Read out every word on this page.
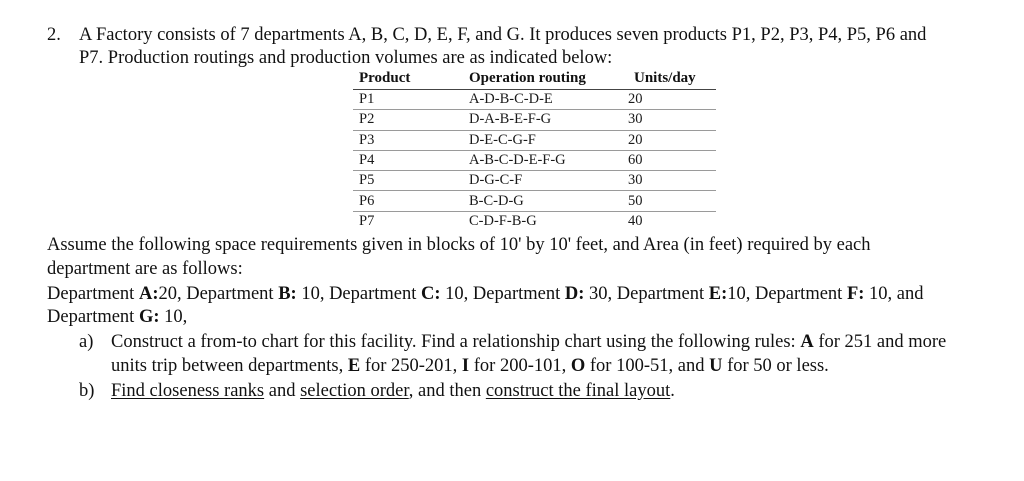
2. A Factory consists of 7 departments A, B, C, D, E, F, and G. It produces seven products P1, P2, P3, P4, P5, P6 and
P7. Production routings and production volumes are as indicated below:
Product	Operation routing	Units/day
P1	A-D-B-C-D-E	20
P2	D-A-B-E-F-G	30
P3	D-E-C-G-F	20
P4	A-B-C-D-E-F-G	60
P5	D-G-C-F	30
P6	B-C-D-G	50
P7	C-D-F-B-G	40
Assume the following space requirements given in blocks of 10' by 10' feet, and Area (in feet) required by each
department are as follows:
Department A:20, Department B: 10, Department C: 10, Department D: 30, Department E:10, Department F: 10, and
Department G: 10,
a) Construct a from-to chart for this facility. Find a relationship chart using the following rules: A for 251 and more
units trip between departments, E for 250-201, I for 200-101, O for 100-51, and U for 50 or less.
b) Find closeness ranks and selection order, and then construct the final layout.
